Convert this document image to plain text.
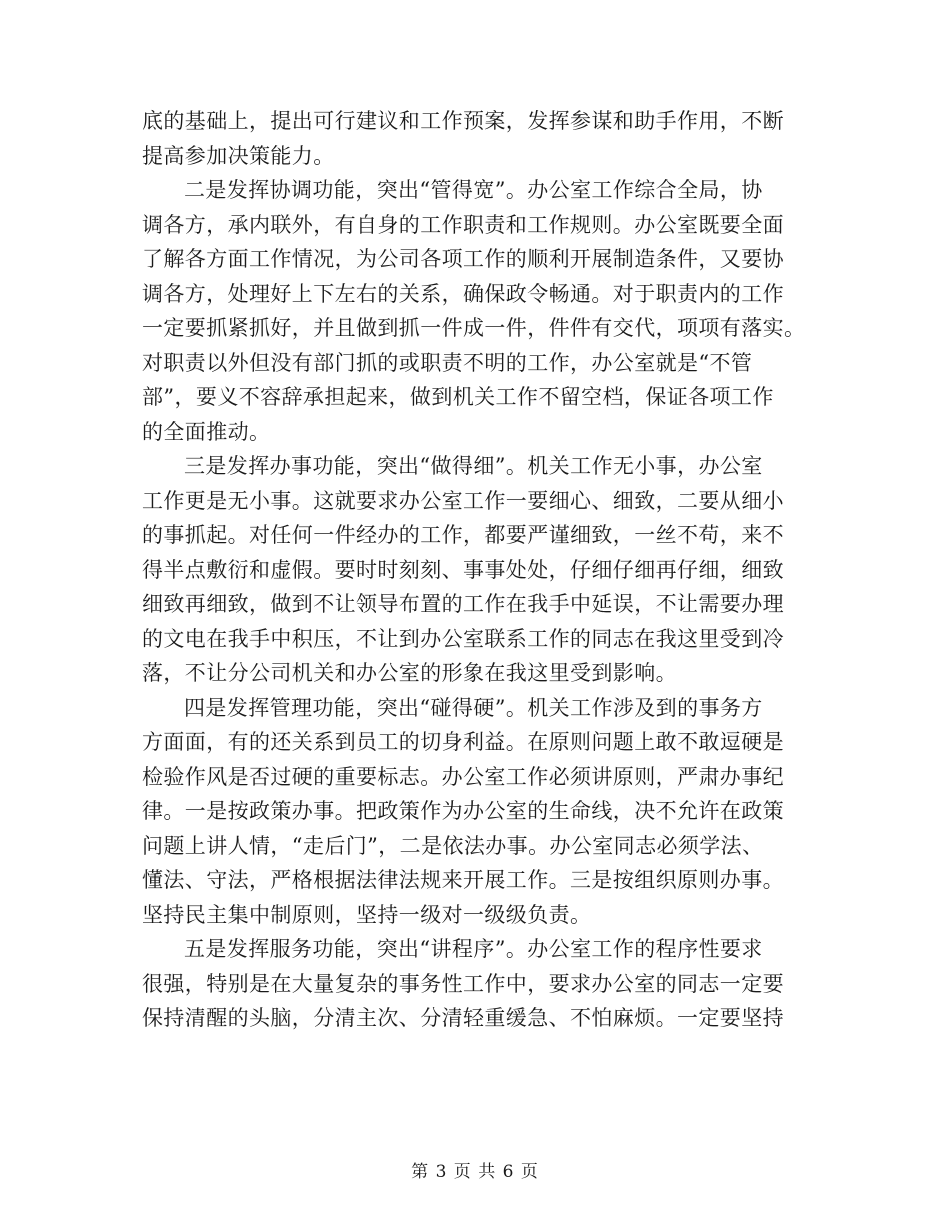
底的基础上，提出可行建议和工作预案，发挥参谋和助手作用，不断
提高参加决策能力。

二是发挥协调功能，突出“管得宽”。办公室工作综合全局，协
调各方，承内联外，有自身的工作职责和工作规则。办公室既要全面
了解各方面工作情况，为公司各项工作的顺利开展制造条件，又要协
调各方，处理好上下左右的关系，确保政令畅通。对于职责内的工作
一定要抓紧抓好，并且做到抓一件成一件，件件有交代，项项有落实。
对职责以外但没有部门抓的或职责不明的工作，办公室就是“不管
部”，要义不容辞承担起来，做到机关工作不留空档，保证各项工作
的全面推动。

三是发挥办事功能，突出“做得细”。机关工作无小事，办公室
工作更是无小事。这就要求办公室工作一要细心、细致，二要从细小
的事抓起。对任何一件经办的工作，都要严谨细致，一丝不苟，来不
得半点敷衍和虚假。要时时刻刻、事事处处，仔细仔细再仔细，细致
细致再细致，做到不让领导布置的工作在我手中延误，不让需要办理
的文电在我手中积压，不让到办公室联系工作的同志在我这里受到冷
落，不让分公司机关和办公室的形象在我这里受到影响。

四是发挥管理功能，突出“碰得硬”。机关工作涉及到的事务方
方面面，有的还关系到员工的切身利益。在原则问题上敢不敢逗硬是
检验作风是否过硬的重要标志。办公室工作必须讲原则，严肃办事纪
律。一是按政策办事。把政策作为办公室的生命线，决不允许在政策
问题上讲人情，“走后门”，二是依法办事。办公室同志必须学法、
懂法、守法，严格根据法律法规来开展工作。三是按组织原则办事。
坚持民主集中制原则，坚持一级对一级级负责。

五是发挥服务功能，突出“讲程序”。办公室工作的程序性要求
很强，特别是在大量复杂的事务性工作中，要求办公室的同志一定要
保持清醒的头脑，分清主次、分清轻重缓急、不怕麻烦。一定要坚持

第 3 页 共 6 页
